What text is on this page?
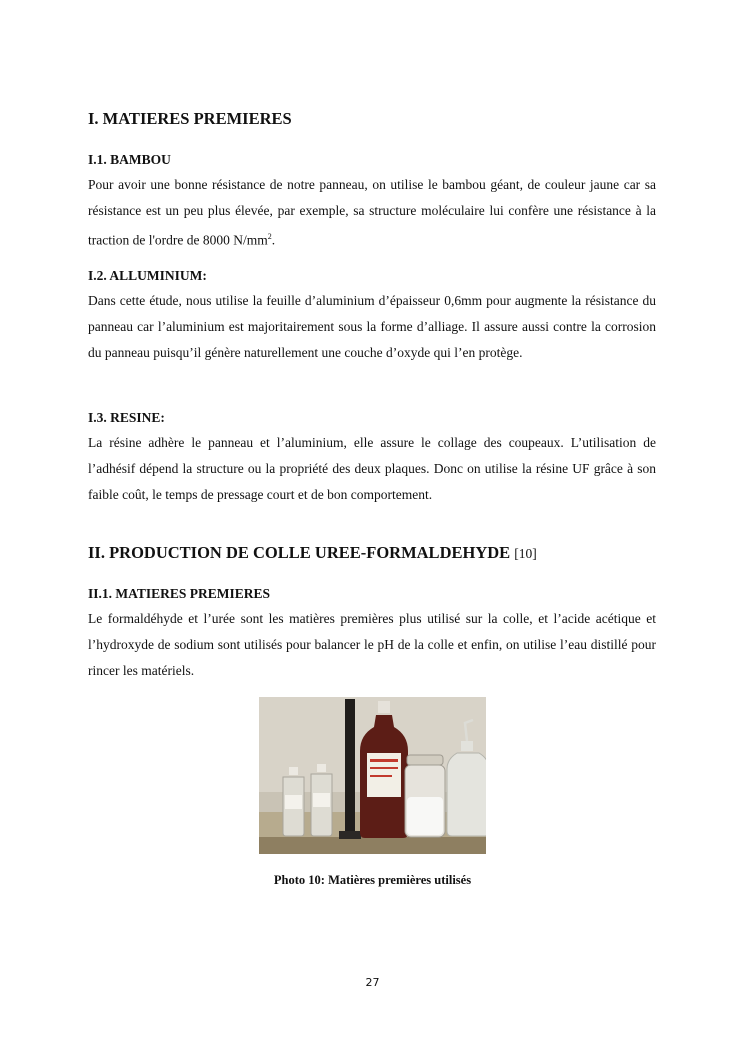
I. MATIERES PREMIERES
I.1. BAMBOU

Pour avoir une bonne résistance de notre panneau, on utilise le bambou géant, de couleur jaune car sa résistance est un peu plus élevée, par exemple, sa structure moléculaire lui confère une résistance à la traction de l'ordre de 8000 $N/mm^2$.

I.2. ALLUMINIUM:

Dans cette étude, nous utilise la feuille d’aluminium d’épaisseur 0,6mm pour augmente la résistance du panneau car l’aluminium est majoritairement sous la forme d’alliage. Il assure aussi contre la corrosion du panneau puisqu’il génère naturellement une couche d’oxyde qui l’en protège.

I.3. RESINE:

La résine adhère le panneau et l’aluminium, elle assure le collage des coupeaux. L’utilisation de l’adhésif dépend la structure ou la propriété des deux plaques. Donc on utilise la résine UF grâce à son faible coût, le temps de pressage court et de bon comportement.

II. PRODUCTION DE COLLE UREE-FORMALDEHYDE [10]
II.1. MATIERES PREMIERES

Le formaldéhyde et l’urée sont les matières premières plus utilisé sur la colle, et l’acide acétique et l’hydroxyde de sodium sont utilisés pour balancer le pH de la colle et enfin, on utilise l’eau distillé pour rincer les matériels.

Photo 10: Matières premières utilisés
27
